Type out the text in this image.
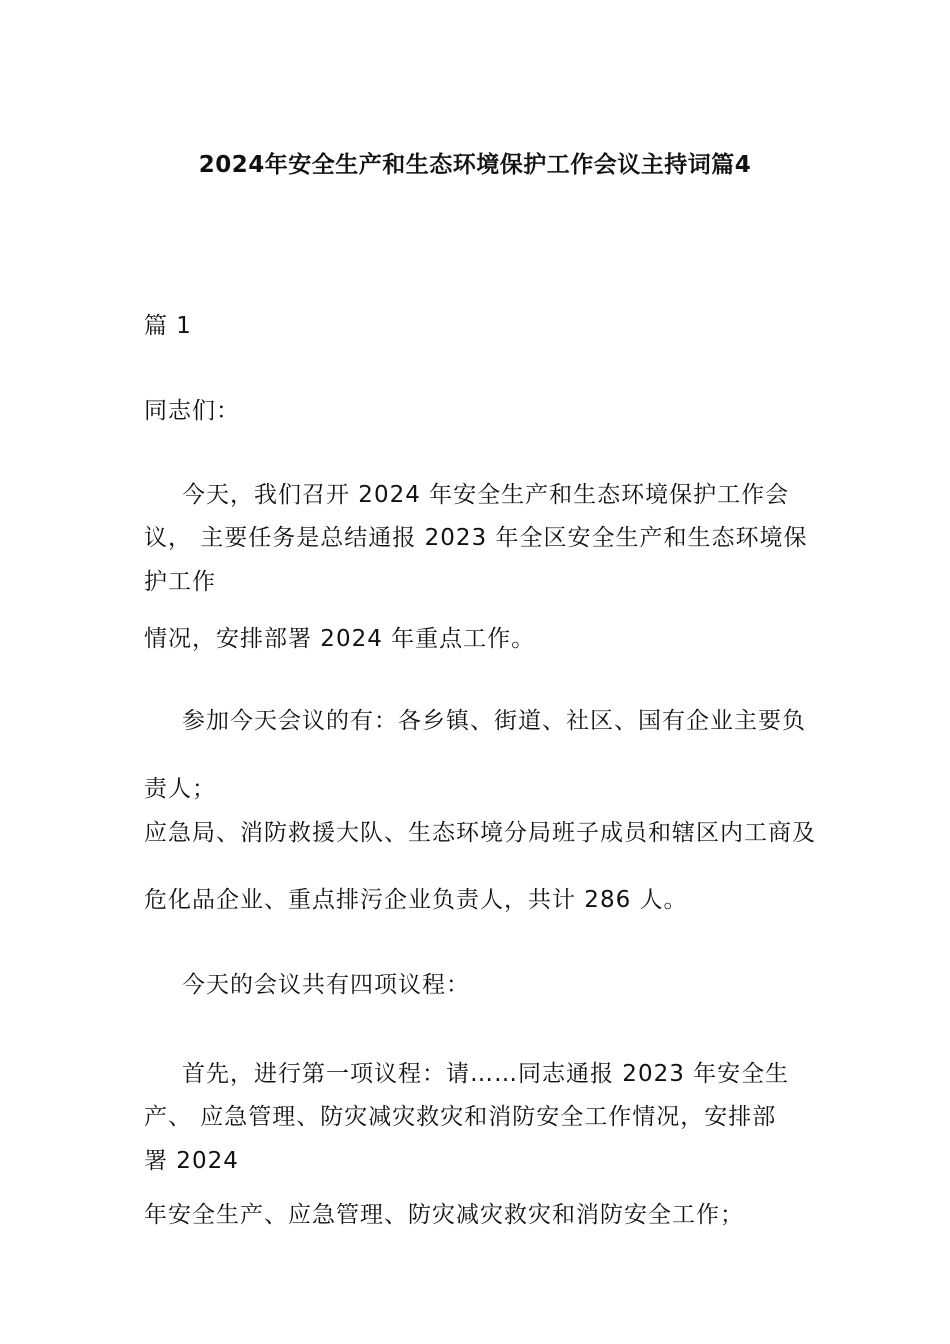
2024年安全生产和生态环境保护工作会议主持词篇4
篇 1
同志们：
今天，我们召开 2024 年安全生产和生态环境保护工作会
议， 主要任务是总结通报 2023 年全区安全生产和生态环境保
护工作
情况，安排部署 2024 年重点工作。
参加今天会议的有：各乡镇、街道、社区、国有企业主要负
责人；
应急局、消防救援大队、生态环境分局班子成员和辖区内工商及
危化品企业、重点排污企业负责人，共计 286 人。
今天的会议共有四项议程：
首先，进行第一项议程：请……同志通报 2023 年安全生
产、 应急管理、防灾减灾救灾和消防安全工作情况，安排部
署 2024
年安全生产、应急管理、防灾减灾救灾和消防安全工作；
